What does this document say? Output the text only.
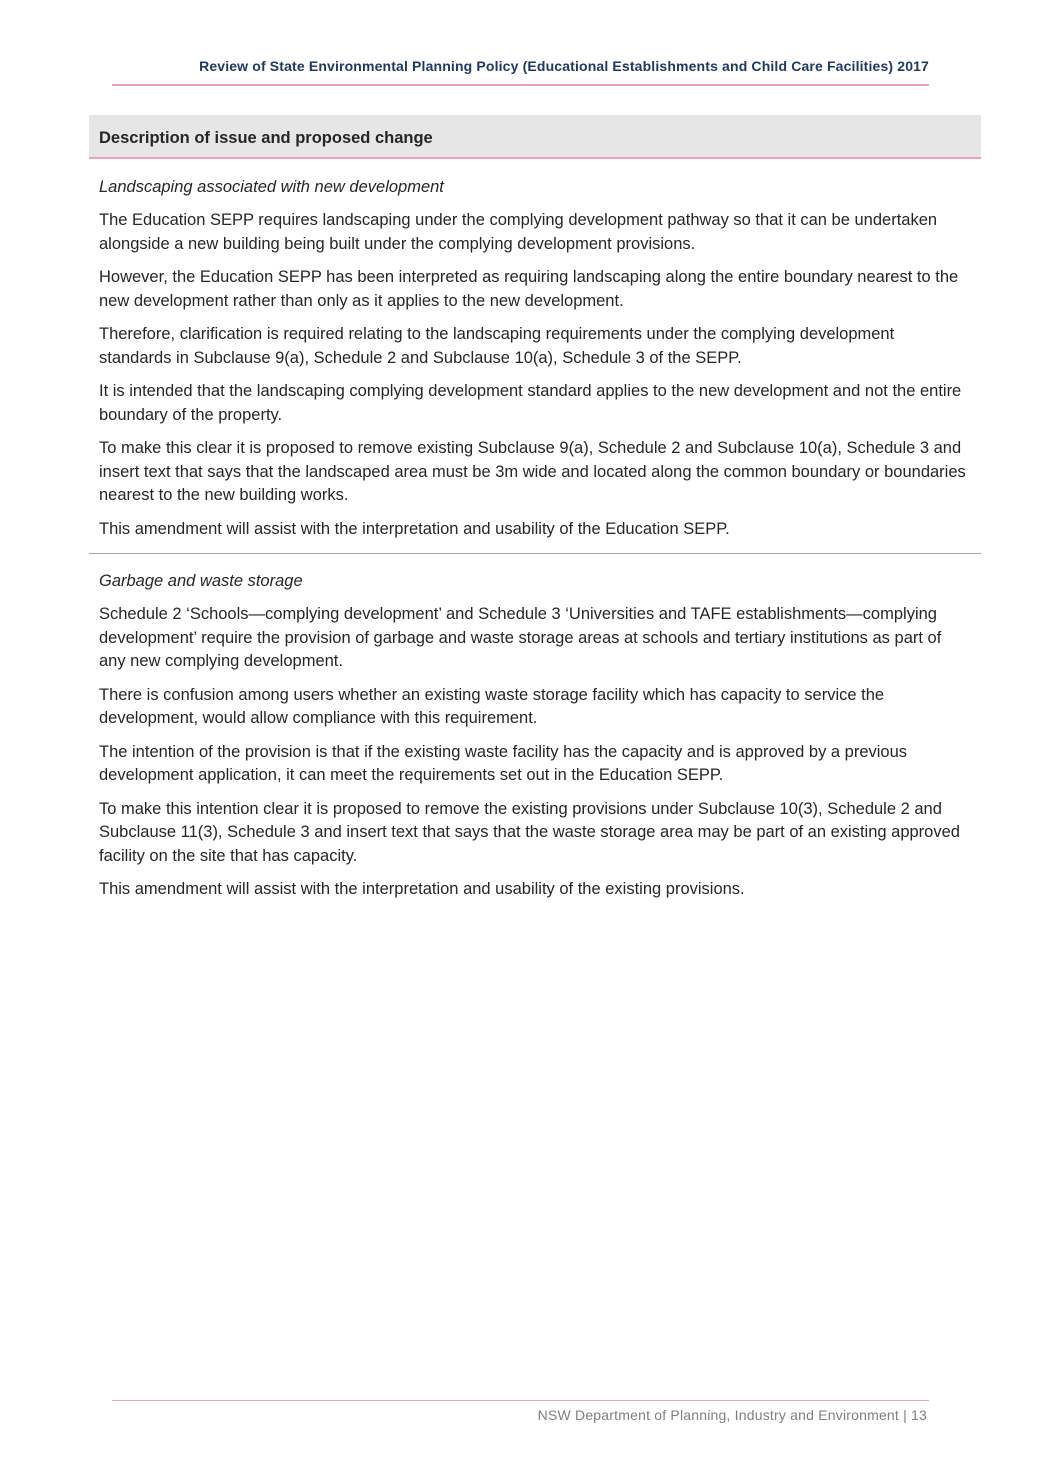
Review of State Environmental Planning Policy (Educational Establishments and Child Care Facilities) 2017
Description of issue and proposed change

Landscaping associated with new development

The Education SEPP requires landscaping under the complying development pathway so that it can be undertaken alongside a new building being built under the complying development provisions.

However, the Education SEPP has been interpreted as requiring landscaping along the entire boundary nearest to the new development rather than only as it applies to the new development.

Therefore, clarification is required relating to the landscaping requirements under the complying development standards in Subclause 9(a), Schedule 2 and Subclause 10(a), Schedule 3 of the SEPP.

It is intended that the landscaping complying development standard applies to the new development and not the entire boundary of the property.

To make this clear it is proposed to remove existing Subclause 9(a), Schedule 2 and Subclause 10(a), Schedule 3 and insert text that says that the landscaped area must be 3m wide and located along the common boundary or boundaries nearest to the new building works.

This amendment will assist with the interpretation and usability of the Education SEPP.

Garbage and waste storage

Schedule 2 ‘Schools—complying development’ and Schedule 3 ‘Universities and TAFE establishments—complying development’ require the provision of garbage and waste storage areas at schools and tertiary institutions as part of any new complying development.

There is confusion among users whether an existing waste storage facility which has capacity to service the development, would allow compliance with this requirement.

The intention of the provision is that if the existing waste facility has the capacity and is approved by a previous development application, it can meet the requirements set out in the Education SEPP.

To make this intention clear it is proposed to remove the existing provisions under Subclause 10(3), Schedule 2 and Subclause 11(3), Schedule 3 and insert text that says that the waste storage area may be part of an existing approved facility on the site that has capacity.

This amendment will assist with the interpretation and usability of the existing provisions.

NSW Department of Planning, Industry and Environment | 13
